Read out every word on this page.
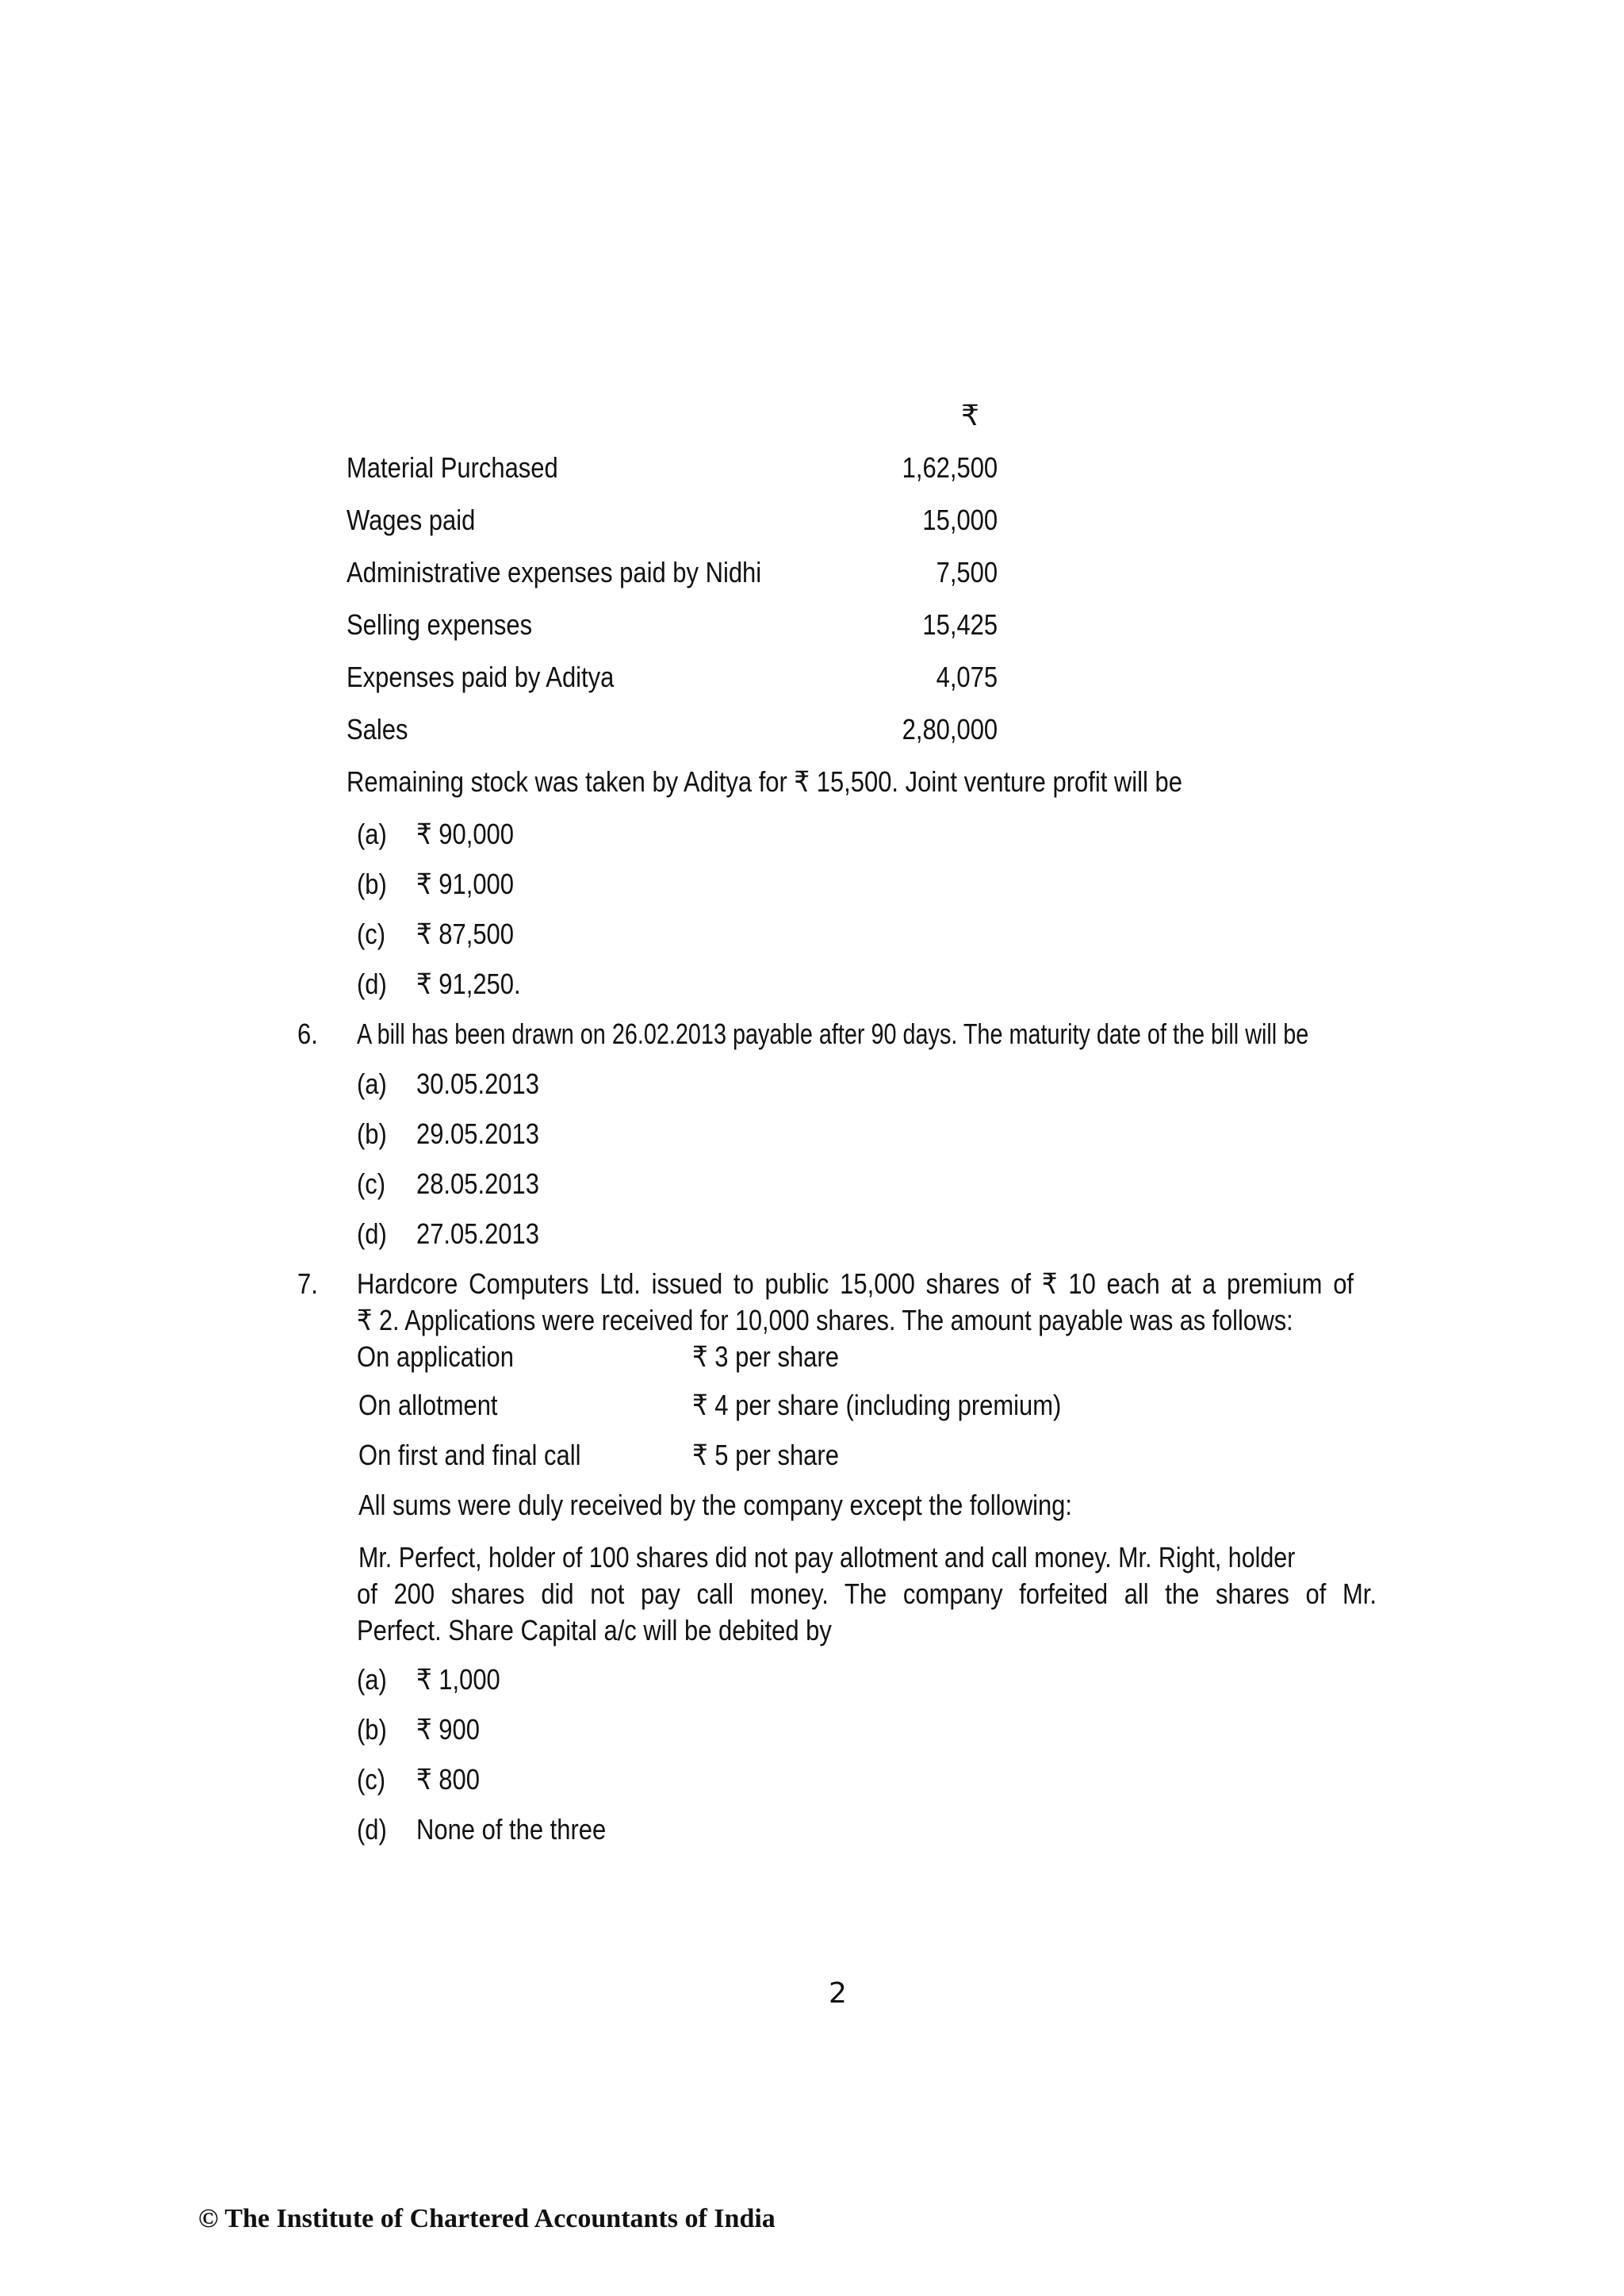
₹
Material Purchased	1,62,500
Wages paid	15,000
Administrative expenses paid by Nidhi	7,500
Selling expenses	15,425
Expenses paid by Aditya	4,075
Sales	2,80,000
Remaining stock was taken by Aditya for ₹ 15,500. Joint venture profit will be
(a) ₹ 90,000
(b) ₹ 91,000
(c) ₹ 87,500
(d) ₹ 91,250.
6. A bill has been drawn on 26.02.2013 payable after 90 days. The maturity date of the bill will be
(a) 30.05.2013
(b) 29.05.2013
(c) 28.05.2013
(d) 27.05.2013
7. Hardcore Computers Ltd. issued to public 15,000 shares of ₹ 10 each at a premium of
₹ 2. Applications were received for 10,000 shares. The amount payable was as follows:
On application	₹ 3 per share
On allotment	₹ 4 per share (including premium)
On first and final call	₹ 5 per share
All sums were duly received by the company except the following:
Mr. Perfect, holder of 100 shares did not pay allotment and call money. Mr. Right, holder
of 200 shares did not pay call money. The company forfeited all the shares of Mr.
Perfect. Share Capital a/c will be debited by
(a) ₹ 1,000
(b) ₹ 900
(c) ₹ 800
(d) None of the three
2
© The Institute of Chartered Accountants of India
